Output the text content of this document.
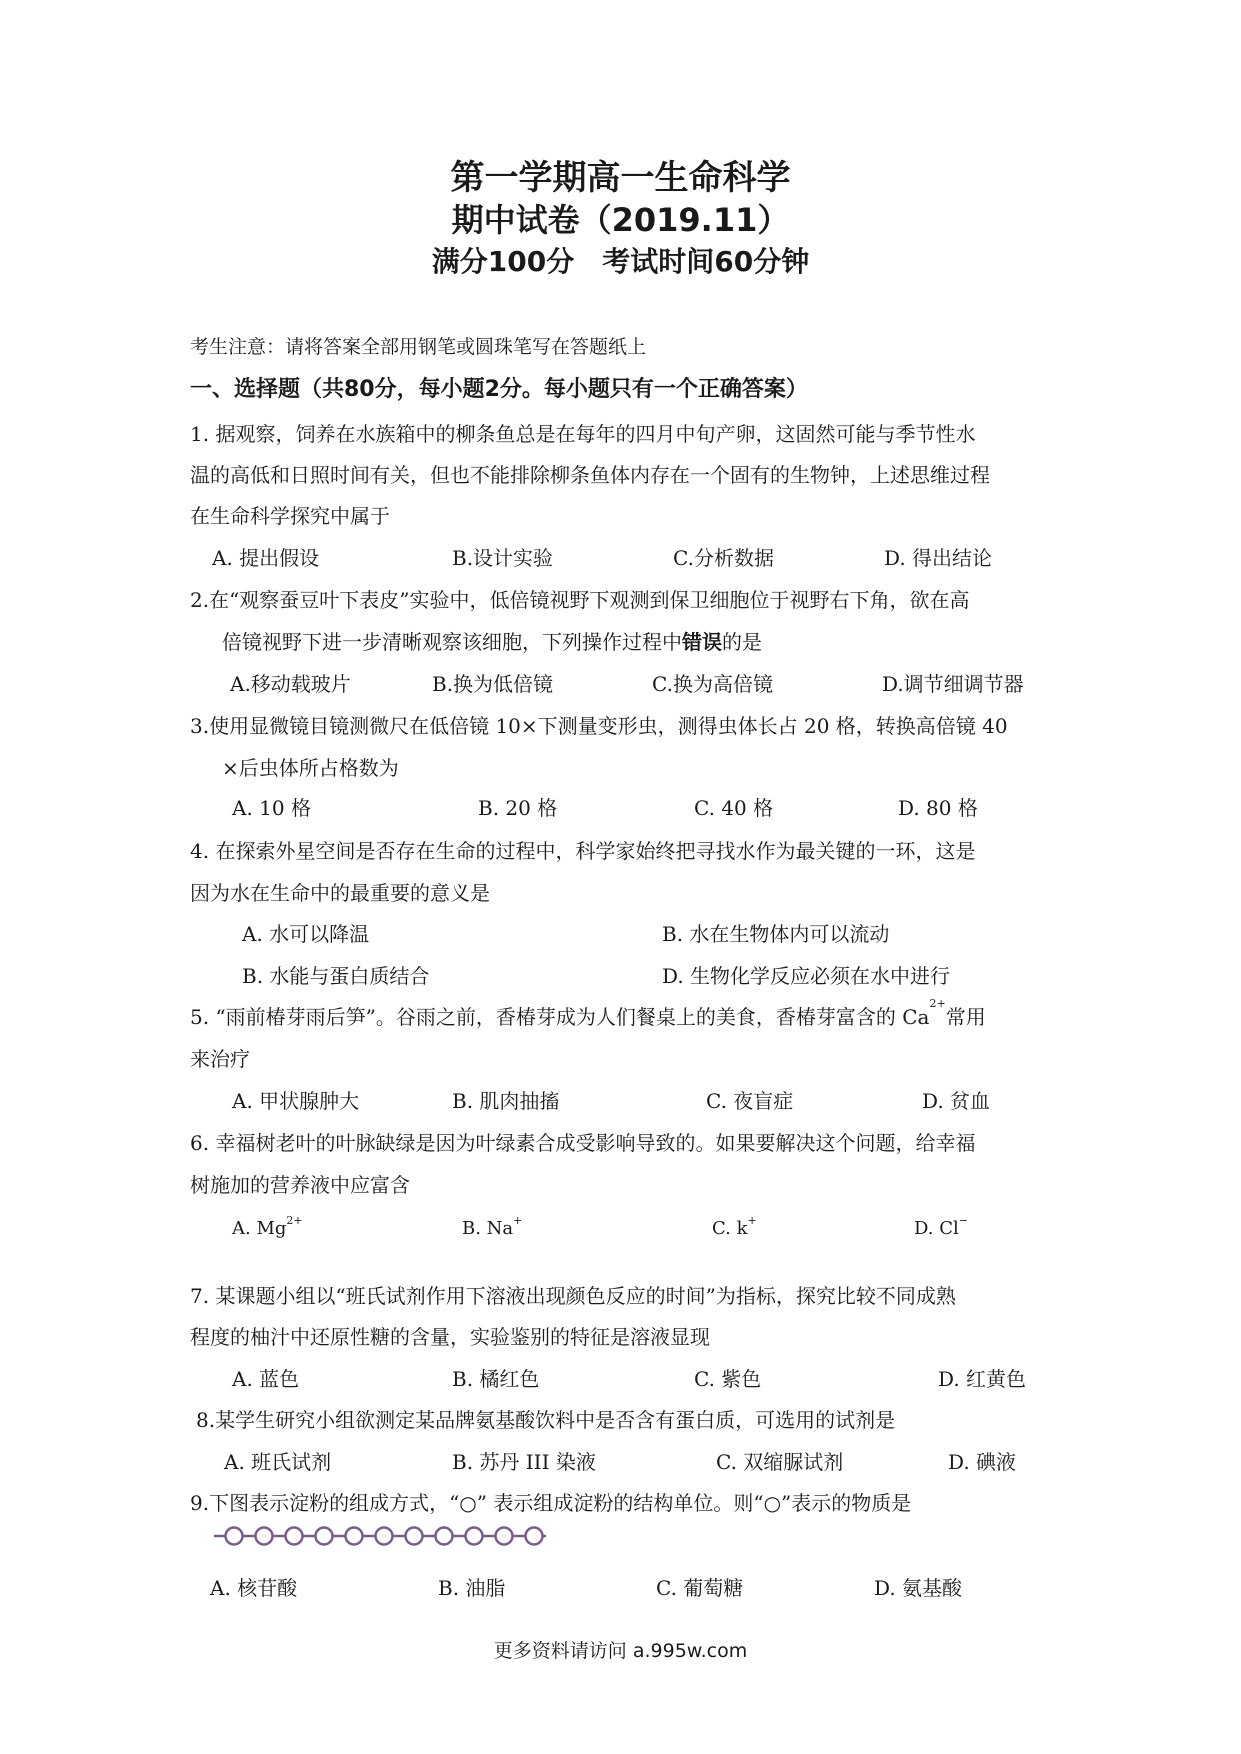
第一学期高一生命科学
期中试卷（2019.11）
满分100分　考试时间60分钟
考生注意：请将答案全部用钢笔或圆珠笔写在答题纸上
一、选择题（共80分，每小题2分。每小题只有一个正确答案）
1. 据观察，饲养在水族箱中的柳条鱼总是在每年的四月中旬产卵，这固然可能与季节性水
温的高低和日照时间有关，但也不能排除柳条鱼体内存在一个固有的生物钟，上述思维过程
在生命科学探究中属于
A. 提出假设	B.设计实验	C.分析数据	D. 得出结论
2.在“观察蚕豆叶下表皮”实验中，低倍镜视野下观测到保卫细胞位于视野右下角，欲在高
倍镜视野下进一步清晰观察该细胞，下列操作过程中错误的是
A.移动载玻片	B.换为低倍镜	C.换为高倍镜	D.调节细调节器
3.使用显微镜目镜测微尺在低倍镜 10×下测量变形虫，测得虫体长占 20 格，转换高倍镜 40
×后虫体所占格数为
A. 10 格	B. 20 格	C. 40 格	D. 80 格
4. 在探索外星空间是否存在生命的过程中，科学家始终把寻找水作为最关键的一环，这是
因为水在生命中的最重要的意义是
A. 水可以降温	B. 水在生物体内可以流动
B. 水能与蛋白质结合	D. 生物化学反应必须在水中进行
5. “雨前椿芽雨后笋”。谷雨之前，香椿芽成为人们餐桌上的美食，香椿芽富含的 $Ca^{2+}$常用
来治疗
A. 甲状腺肿大	B. 肌肉抽搐	C. 夜盲症	D. 贫血
6. 幸福树老叶的叶脉缺绿是因为叶绿素合成受影响导致的。如果要解决这个问题，给幸福
树施加的营养液中应富含
A. $Mg^{2+}$	B. Na+	C. k+	D. Cl−
7. 某课题小组以“班氏试剂作用下溶液出现颜色反应的时间”为指标，探究比较不同成熟
程度的柚汁中还原性糖的含量，实验鉴别的特征是溶液显现
A. 蓝色	B. 橘红色	C. 紫色	D. 红黄色
8.某学生研究小组欲测定某品牌氨基酸饮料中是否含有蛋白质，可选用的试剂是
A. 班氏试剂	B. 苏丹 III 染液	C. 双缩脲试剂	D. 碘液
9.下图表示淀粉的组成方式，“○” 表示组成淀粉的结构单位。则“○”表示的物质是
A. 核苷酸	B. 油脂	C. 葡萄糖	D. 氨基酸
更多资料请访问 a.995w.com
